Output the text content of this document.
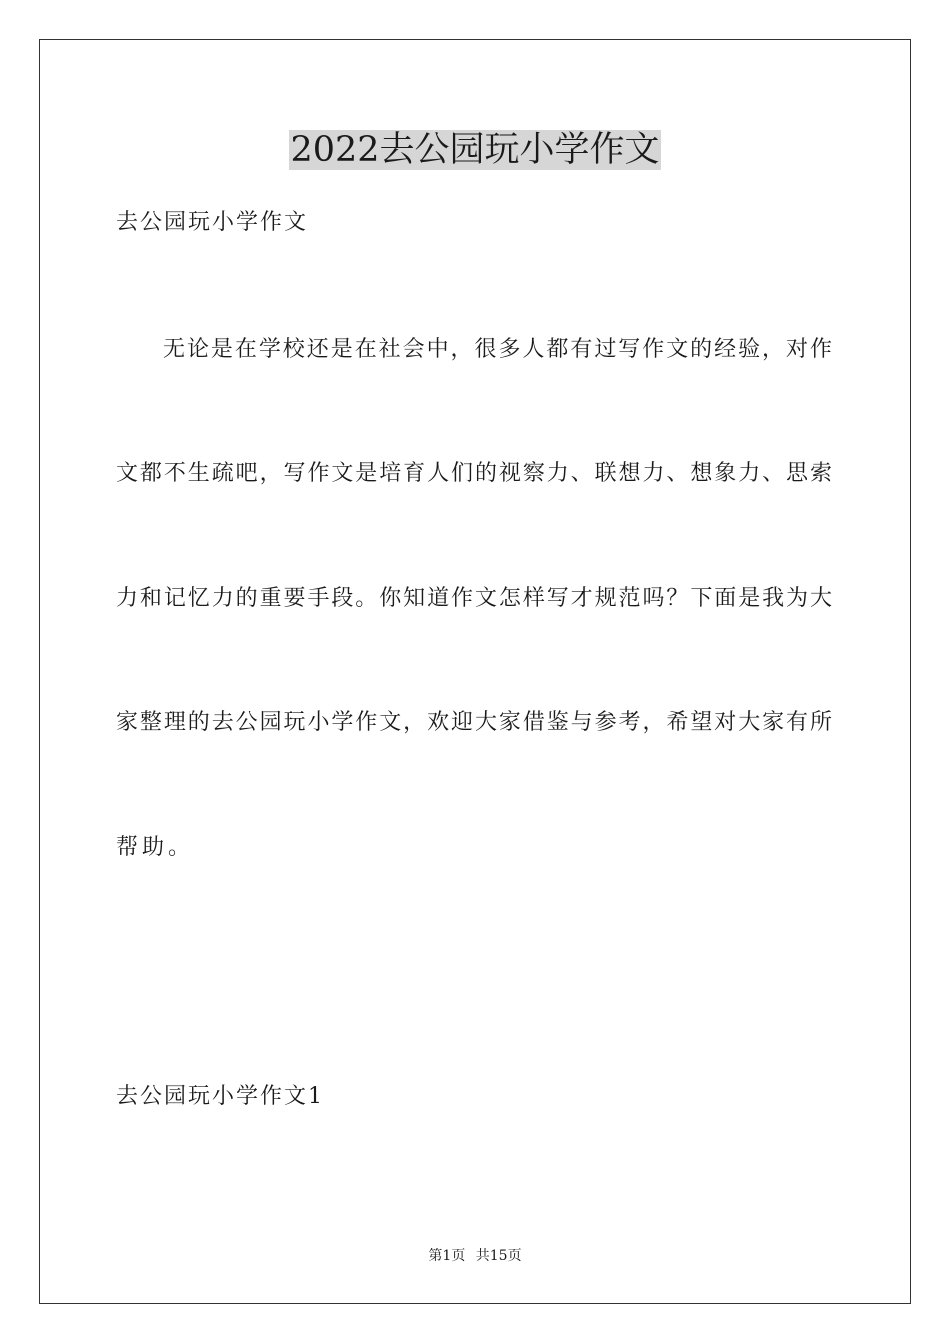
2022去公园玩小学作文
去公园玩小学作文
无论是在学校还是在社会中，很多人都有过写作文的经验，对作
文都不生疏吧，写作文是培育人们的视察力、联想力、想象力、思索
力和记忆力的重要手段。你知道作文怎样写才规范吗？下面是我为大
家整理的去公园玩小学作文，欢迎大家借鉴与参考，希望对大家有所
帮助。
去公园玩小学作文1
第1页 共15页
